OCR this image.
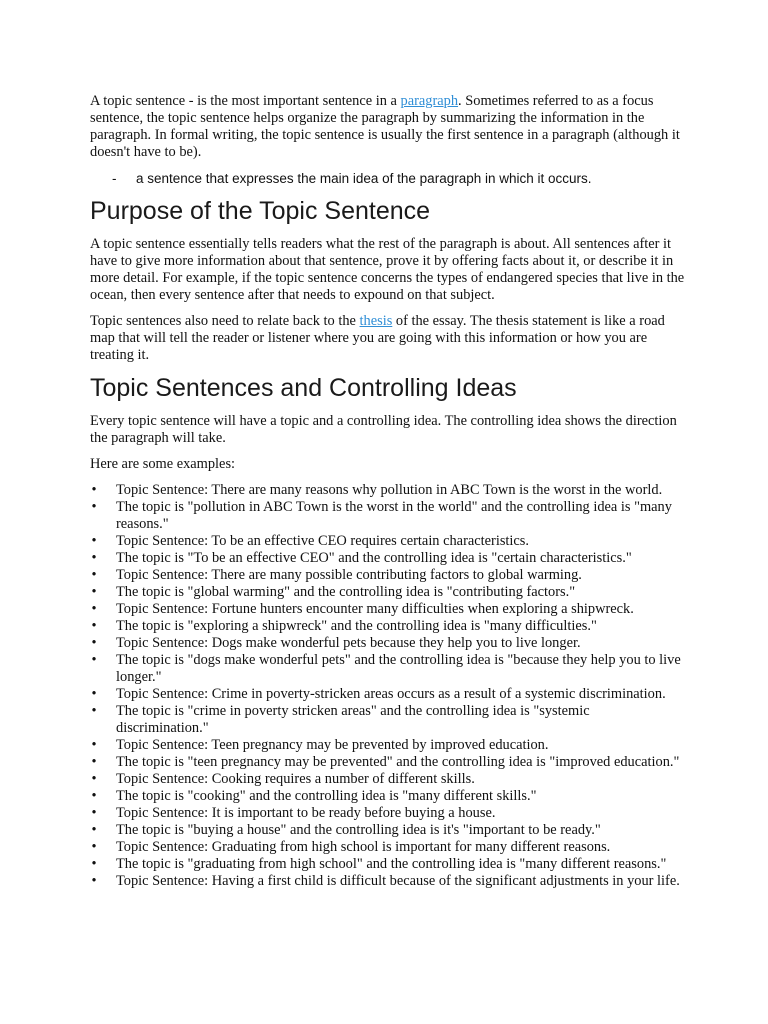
A topic sentence - is the most important sentence in a paragraph. Sometimes referred to as a focus sentence, the topic sentence helps organize the paragraph by summarizing the information in the paragraph. In formal writing, the topic sentence is usually the first sentence in a paragraph (although it doesn't have to be).

- a sentence that expresses the main idea of the paragraph in which it occurs.
Purpose of the Topic Sentence

A topic sentence essentially tells readers what the rest of the paragraph is about. All sentences after it have to give more information about that sentence, prove it by offering facts about it, or describe it in more detail. For example, if the topic sentence concerns the types of endangered species that live in the ocean, then every sentence after that needs to expound on that subject.

Topic sentences also need to relate back to the thesis of the essay. The thesis statement is like a road map that will tell the reader or listener where you are going with this information or how you are treating it.

Topic Sentences and Controlling Ideas

Every topic sentence will have a topic and a controlling idea. The controlling idea shows the direction the paragraph will take.

Here are some examples:

• Topic Sentence: There are many reasons why pollution in ABC Town is the worst in the world.
• The topic is "pollution in ABC Town is the worst in the world" and the controlling idea is "many reasons."
• Topic Sentence: To be an effective CEO requires certain characteristics.
• The topic is "To be an effective CEO" and the controlling idea is "certain characteristics."
• Topic Sentence: There are many possible contributing factors to global warming.
• The topic is "global warming" and the controlling idea is "contributing factors."
• Topic Sentence: Fortune hunters encounter many difficulties when exploring a shipwreck.
• The topic is "exploring a shipwreck" and the controlling idea is "many difficulties."
• Topic Sentence: Dogs make wonderful pets because they help you to live longer.
• The topic is "dogs make wonderful pets" and the controlling idea is "because they help you to live longer."
• Topic Sentence: Crime in poverty-stricken areas occurs as a result of a systemic discrimination.
• The topic is "crime in poverty stricken areas" and the controlling idea is "systemic discrimination."
• Topic Sentence: Teen pregnancy may be prevented by improved education.
• The topic is "teen pregnancy may be prevented" and the controlling idea is "improved education."
• Topic Sentence: Cooking requires a number of different skills.
• The topic is "cooking" and the controlling idea is "many different skills."
• Topic Sentence: It is important to be ready before buying a house.
• The topic is "buying a house" and the controlling idea is it's "important to be ready."
• Topic Sentence: Graduating from high school is important for many different reasons.
• The topic is "graduating from high school" and the controlling idea is "many different reasons."
• Topic Sentence: Having a first child is difficult because of the significant adjustments in your life.
